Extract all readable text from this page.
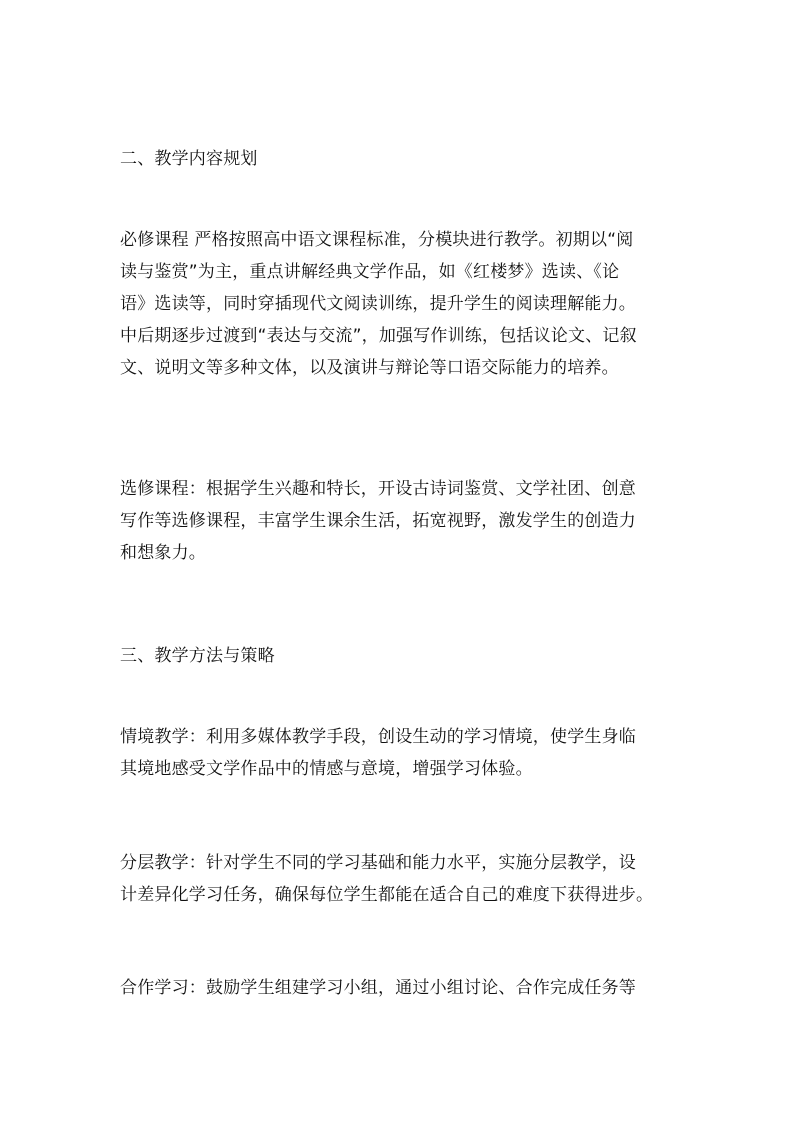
二、教学内容规划
必修课程 严格按照高中语文课程标准，分模块进行教学。初期以“阅
读与鉴赏”为主，重点讲解经典文学作品，如《红楼梦》选读、《论
语》选读等，同时穿插现代文阅读训练，提升学生的阅读理解能力。
中后期逐步过渡到“表达与交流”，加强写作训练，包括议论文、记叙
文、说明文等多种文体，以及演讲与辩论等口语交际能力的培养。
选修课程：根据学生兴趣和特长，开设古诗词鉴赏、文学社团、创意
写作等选修课程，丰富学生课余生活，拓宽视野，激发学生的创造力
和想象力。
三、教学方法与策略
情境教学：利用多媒体教学手段，创设生动的学习情境，使学生身临
其境地感受文学作品中的情感与意境，增强学习体验。
分层教学：针对学生不同的学习基础和能力水平，实施分层教学，设
计差异化学习任务，确保每位学生都能在适合自己的难度下获得进步。
合作学习：鼓励学生组建学习小组，通过小组讨论、合作完成任务等
